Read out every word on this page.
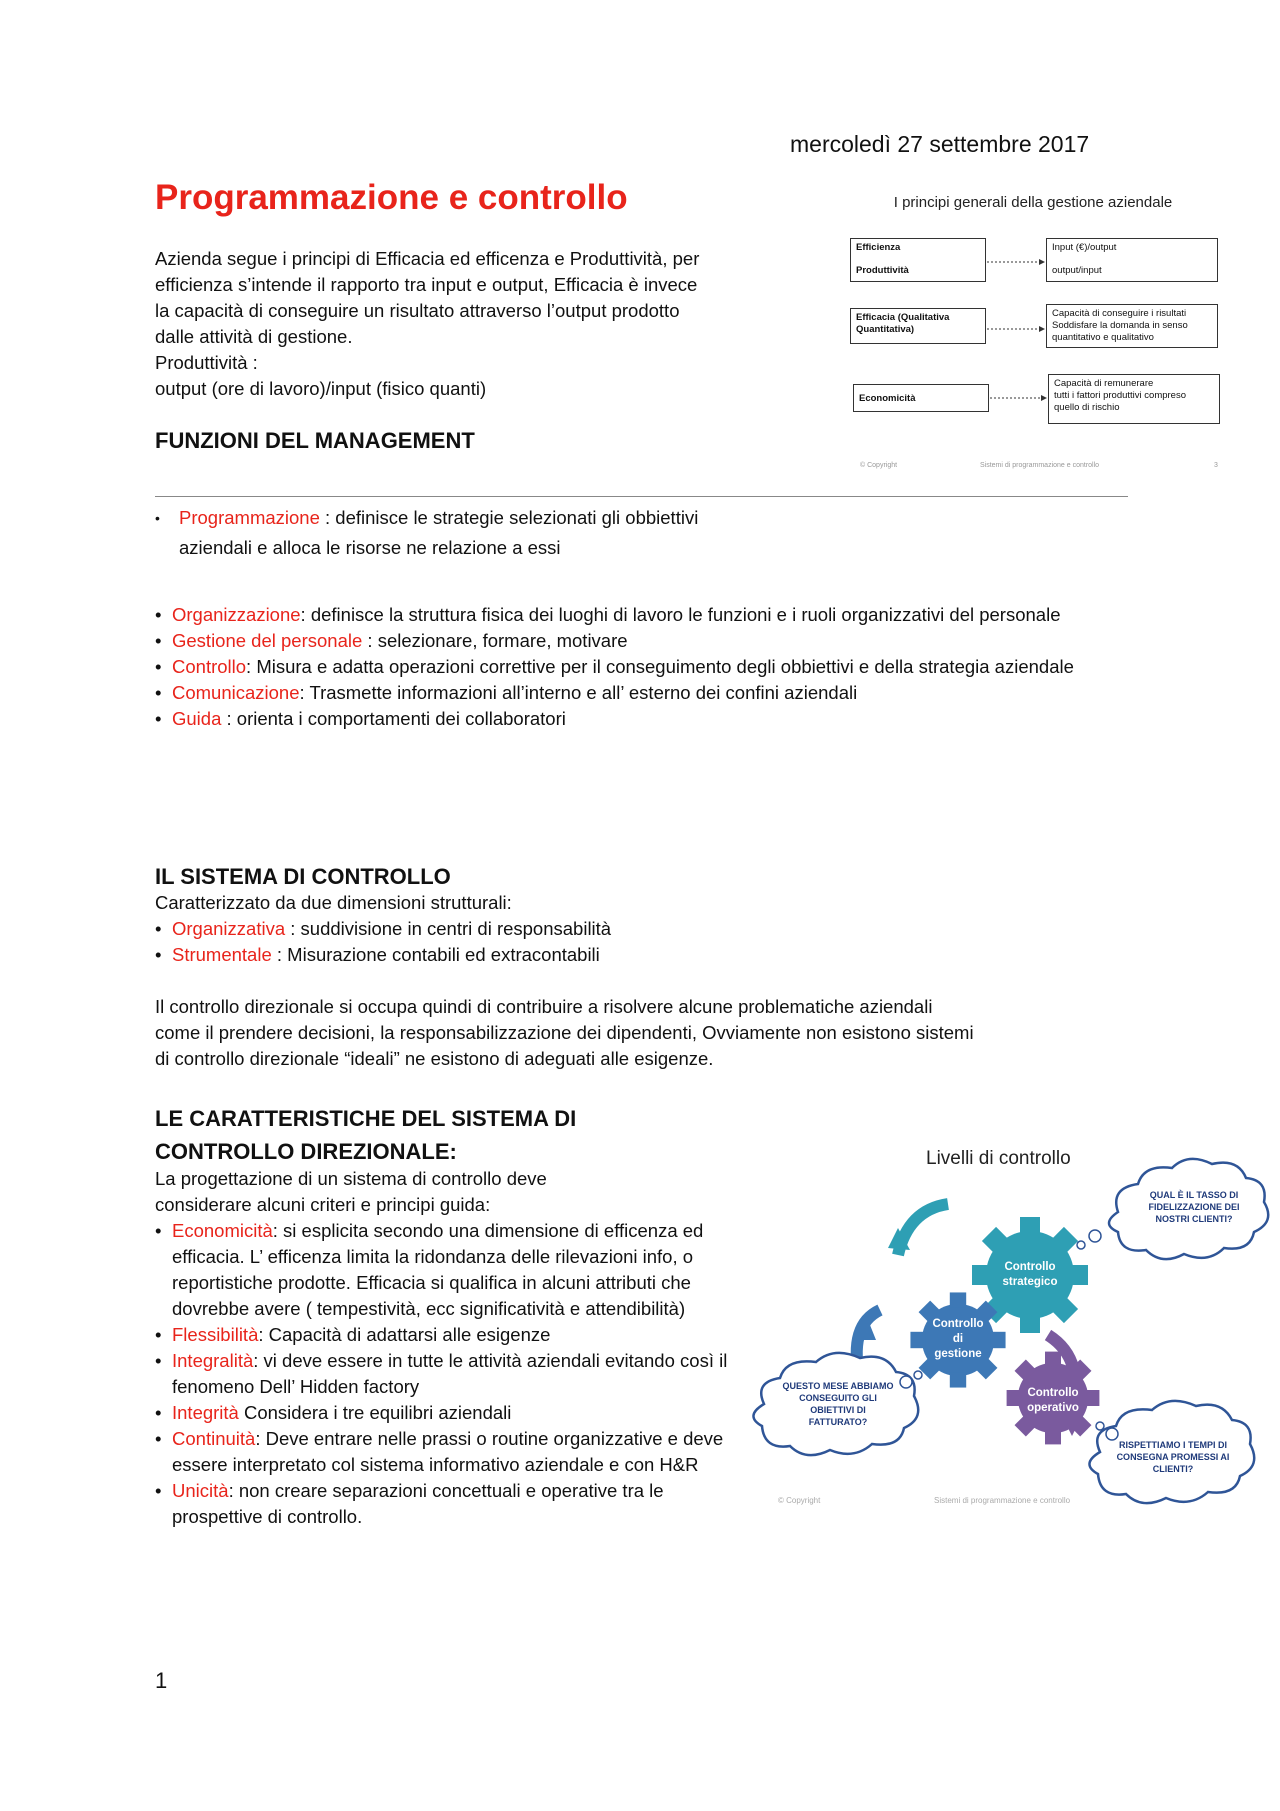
mercoledì 27 settembre 2017
Programmazione e controllo

Azienda segue i principi di Efficacia ed efficenza e Produttività, per

efficienza s’intende il rapporto tra input e output, Efficacia è invece

la capacità di conseguire un risultato attraverso l’output prodotto

dalle attività di gestione.

Produttività :

output (ore di lavoro)/input (fisico quanti)

I principi generali della gestione aziendale
Efficienza
Produttività
Input (€)/output
output/input
Efficacia (Qualitativa
Quantitativa)
Capacità di conseguire i risultati
Soddisfare la domanda in senso
quantitativo e qualitativo
Economicità
Capacità di remunerare
tutti i fattori produttivi compreso
quello di rischio
© Copyright	Sistemi di programmazione e controllo	3
FUNZIONI DEL MANAGEMENT
• Programmazione : definisce le strategie selezionati gli obbiettivi
aziendali e alloca le risorse ne relazione a essi
• Organizzazione: definisce la struttura fisica dei luoghi di lavoro le funzioni e i ruoli organizzativi del personale
• Gestione del personale : selezionare, formare, motivare
• Controllo: Misura e adatta operazioni correttive per il conseguimento degli obbiettivi e della strategia aziendale
• Comunicazione: Trasmette informazioni all’interno e all’ esterno dei confini aziendali
• Guida : orienta i comportamenti dei collaboratori
IL SISTEMA DI CONTROLLO

Caratterizzato da due dimensioni strutturali:

• Organizzativa : suddivisione in centri di responsabilità
• Strumentale : Misurazione contabili ed extracontabili

Il controllo direzionale si occupa quindi di contribuire a risolvere alcune problematiche aziendali

come il prendere decisioni, la responsabilizzazione dei dipendenti, Ovviamente non esistono sistemi

di controllo direzionale “ideali” ne esistono di adeguati alle esigenze.

LE CARATTERISTICHE DEL SISTEMA DI
CONTROLLO DIREZIONALE:

La progettazione di un sistema di controllo deve

considerare alcuni criteri e principi guida:

• Economicità: si esplicita secondo una dimensione di efficenza ed efficacia. L’ efficenza limita la ridondanza delle rilevazioni info, o reportistiche prodotte. Efficacia si qualifica in alcuni attributi che dovrebbe avere ( tempestività, ecc significatività e attendibilità)
• Flessibilità: Capacità di adattarsi alle esigenze
• Integralità: vi deve essere in tutte le attività aziendali evitando così il fenomeno Dell’ Hidden factory
• Integrità Considera i tre equilibri aziendali
• Continuità: Deve entrare nelle prassi o routine organizzative e deve essere interpretato col sistema informativo aziendale e con H&R
• Unicità: non creare separazioni concettuali e operative tra le prospettive di controllo.
Livelli di controllo
Controllo
strategico
Controllo
di
gestione
Controllo
operativo
QUAL È IL TASSO DI
FIDELIZZAZIONE DEI
NOSTRI CLIENTI?
QUESTO MESE ABBIAMO
CONSEGUITO GLI
OBIETTIVI DI
FATTURATO?
RISPETTIAMO I TEMPI DI
CONSEGNA PROMESSI AI
CLIENTI?
© Copyright	Sistemi di programmazione e controllo
1
